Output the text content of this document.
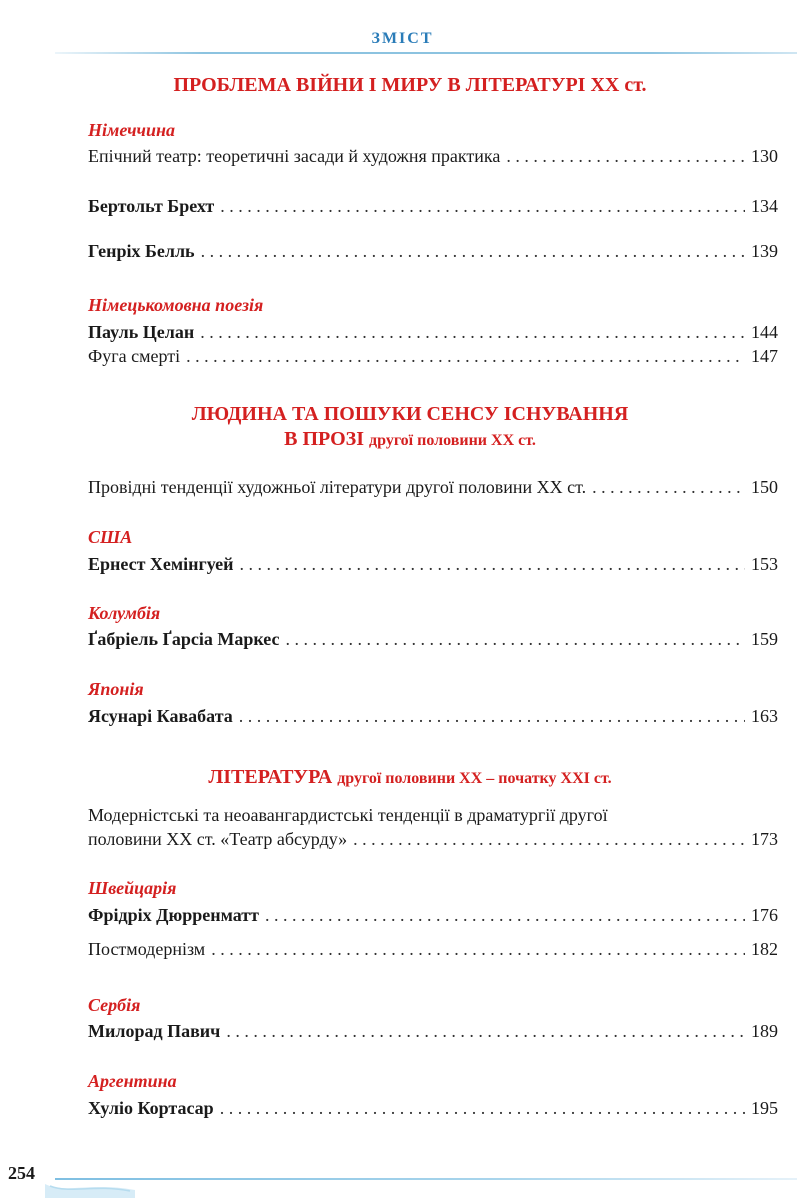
ЗМІСТ
ПРОБЛЕМА ВІЙНИ І МИРУ В ЛІТЕРАТУРІ ХХ ст.
Німеччина
Епічний театр: теоретичні засади й художня практика . . .	130
Бертольт Брехт . . .	134
Генріх Белль . . .	139
Німецькомовна поезія
Пауль Целан . . .	144
Фуга смерті . . .	147
ЛЮДИНА ТА ПОШУКИ СЕНСУ ІСНУВАННЯ
В ПРОЗІ другої половини ХХ ст.
Провідні тенденції художньої літератури другої половини ХХ ст. . . .	150
США
Ернест Хемінгуей . . .	153
Колумбія
Ґабріель Ґарсіа Маркес . . .	159
Японія
Ясунарі Кавабата . . .	163
ЛІТЕРАТУРА другої половини ХХ – початку ХХІ ст.
Модерністські та неоавангардистські тенденції в драматургії другої
половини ХХ ст. «Театр абсурду» . . .	173
Швейцарія
Фрідріх Дюрренматт . . .	176
Постмодернізм . . .	182
Сербія
Милорад Павич . . .	189
Аргентина
Хуліо Кортасар . . .	195
254
